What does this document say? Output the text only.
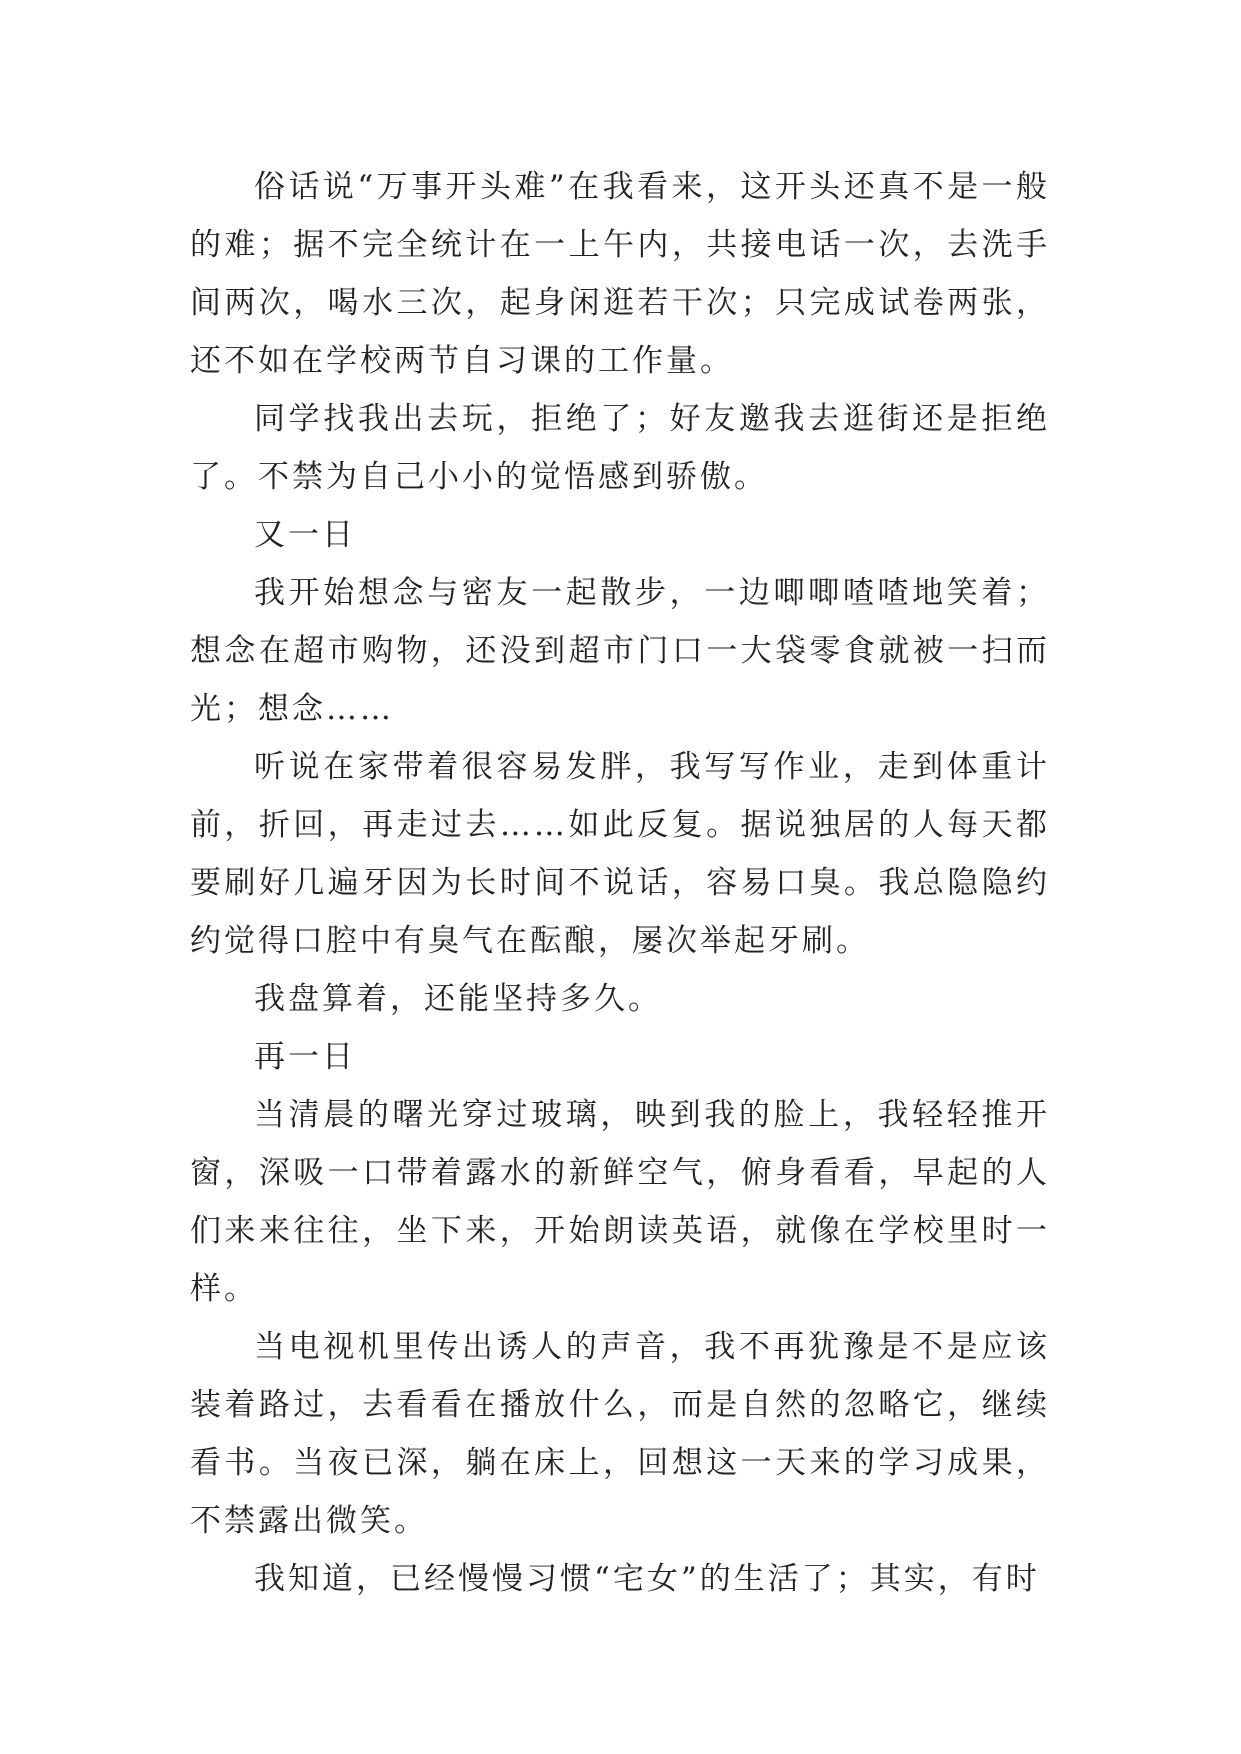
俗话说“万事开头难”在我看来，这开头还真不是一般的难；据不完全统计在一上午内，共接电话一次，去洗手间两次，喝水三次，起身闲逛若干次；只完成试卷两张，还不如在学校两节自习课的工作量。

同学找我出去玩，拒绝了；好友邀我去逛街还是拒绝了。不禁为自己小小的觉悟感到骄傲。

又一日

我开始想念与密友一起散步，一边唧唧喳喳地笑着；想念在超市购物，还没到超市门口一大袋零食就被一扫而光；想念……

听说在家带着很容易发胖，我写写作业，走到体重计前，折回，再走过去……如此反复。据说独居的人每天都要刷好几遍牙因为长时间不说话，容易口臭。我总隐隐约约觉得口腔中有臭气在酝酿，屡次举起牙刷。

我盘算着，还能坚持多久。

再一日

当清晨的曙光穿过玻璃，映到我的脸上，我轻轻推开窗，深吸一口带着露水的新鲜空气，俯身看看，早起的人们来来往往，坐下来，开始朗读英语，就像在学校里时一样。

当电视机里传出诱人的声音，我不再犹豫是不是应该装着路过，去看看在播放什么，而是自然的忽略它，继续看书。当夜已深，躺在床上，回想这一天来的学习成果，不禁露出微笑。

我知道，已经慢慢习惯“宅女”的生活了；其实，有时
